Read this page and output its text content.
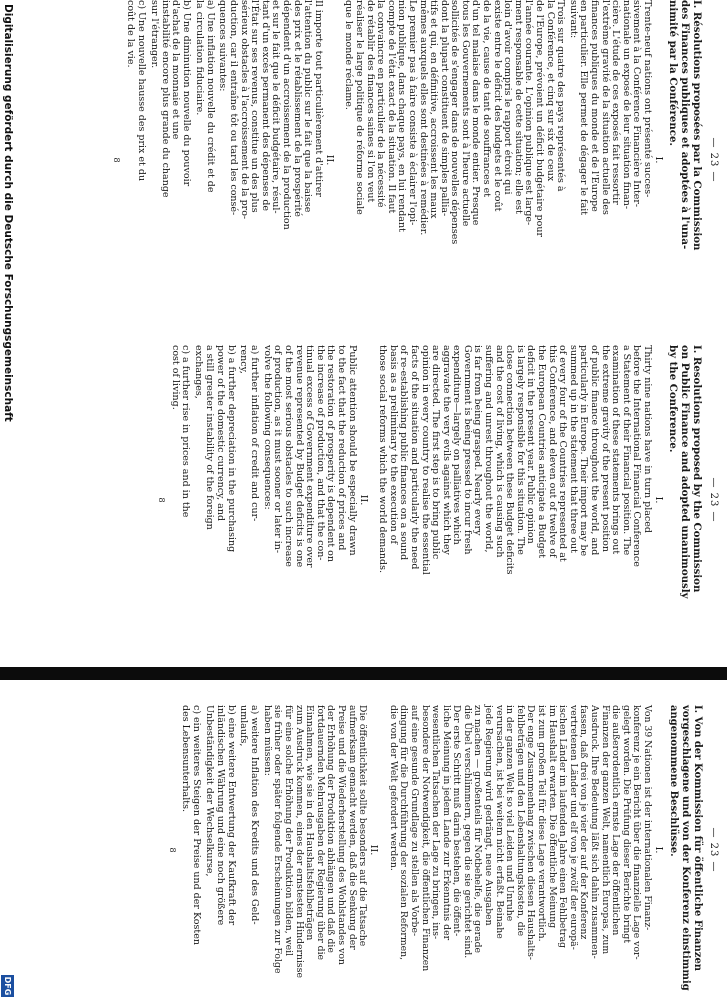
— 23 —
I. Résolutions proposées par la Commission
des Finances publiques et adoptées à l'una-
nimité par la Conférence.
I.
Trente-neuf nations ont présenté succes-
sivement à la Conférence Financière Inter-
nationale un exposé de leur situation finan-
cière. L'étude de ces exposés fait ressortir
l'extrême gravité de la situation actuelle des
finances publiques du monde et de l'Europe
en particulier. Elle permet de dégager le fait
suivant:
Trois sur quatre des pays représentés à
la Conférence, et cinq sur six de ceux
de l'Europe, prévoient un déficit budgétaire pour
l'année courante. L'opinion publique est large-
ment responsable de cette situation; elle est
loin d'avoir compris le rapport étroit qui
existe entre le déficit des budgets et le coût
de la vie, cause de tant de souffrances et
d'un tel malaise dans le monde entier. Presque
tous les Gouvernements sont à l'heure actuelle
sollicités de s'engager dans de nouvelles dépenses
dont la plupart constituent de simples pallia-
tifs et qui, en définitive, accroissent les maux
mêmes auxquels elles sont destinées à remédier.
Le premier pas à faire consiste à éclairer l'opi-
nion publique, dans chaque pays, en lui rendant
compte de l'état exact de la situation. Il faut
la convaincre en particulier de la nécessité
de rétablir des finances saines si l'on veut
réaliser le large politique de réforme sociale
que le monde réclame.
II.
Il importe tout particulièrement d'attirer
l'attention du public sur le fait que la baisse
des prix et le rétablissement de la prospérité
dépendent d'un accroissement de la production
et sur le fait que le déficit budgétaire, résul-
tant d'un excès permanent des dépenses de
l'État sur ses revenus, constitue un des plus
sérieux obstacles à l'accroissement de la pro-
duction, car il entraîne tôt ou tard les consé-
quences suivantes:
a) Une inflation nouvelle du crédit et de
la circulation fiduciaire.
b) Une diminution nouvelle du pouvoir
d'achat de la monnaie et une
instabilité encore plus grande du change
sur l'étranger.
c) Une nouvelle hausse des prix et du
coût de la vie.
8
— 23 —
I. Resolutions proposed by the Commission
on Public Finance and adopted unanimously
by the Conference.
I.
Thirty nine nations have in turn placed
before the International Financial Conference
a Statement of their Financial position. The
examination of these statements brings out
the extreme gravity of the present position
of public finance throughout the world, and
particularly in Europe. Their import may be
summed up in the statement that three out
of every four of the Countries represented at
this Conference, and eleven out of twelve of
the European Countries anticipate a Budget
deficit in the present year. Public opinion
is largely responsible for this situation. The
close connection between these Budget deficits
and the cost of living, which is causing such
suffering and unrest throughout the world,
is far from being grasped. Nearly every
Government is being pressed to incur fresh
expenditure—largely on palliatives which
aggravate the very evils against which they
are directed. The first step is to bring public
opinion in every country to realise the essential
facts of the situation and particularly the need
of re-establishing public finances on a sound
basis as a preliminary to the execution of
those social reforms which the world demands.
II.
Public attention should be especially drawn
to the fact that the reduction of prices and
the restoration of prosperity is dependent on
the increase of production, and that the con-
tinual excess of Government expenditure over
revenue represented by Budget deficits is one
of the most serious obstacles to such increase
of production, as it must sooner or later in-
volve the following consequences:
a) further inflation of credit and cur-
rency,
b) a further depreciation in the purchasing
power of the domestic currency, and
a still greater instability of the foreign
exchanges,
c) a further rise in prices and in the
cost of living.
8
— 23 —
I. Von der Kommission für öffentliche Finanzen
vorgeschlagene und von der Konferenz einstimmig
angenommene Beschlüsse.
I.
Von 39 Nationen ist der internationalen Finanz-
konferenz je ein Bericht über die finanzielle Lage vor-
gelegt worden. Die Prüfung dieser Berichte bringt
die außerordentlich ernste Lage der öffentlichen
Finanzen der ganzen Welt, namentlich Europas, zum
Ausdruck. Ihre Bedeutung läßt sich dahin zusammen-
fassen, daß drei von je vier der auf der Konferenz
vertretenen Länder und elf von je zwölf der europä-
ischen Länder im laufenden Jahre einen Fehlbetrag
im Haushalt erwarten. Die öffentliche Meinung
ist zum großen Teil für diese Lage verantwortlich.
Der enge Zusammenhang zwischen diesen Haushalts-
fehlbeträgen und den Lebenshaltungskosten, die
in der ganzen Welt so viel Leiden und Unruhe
verursachen, ist bei weitem nicht erfaßt. Beinahe
jede Regierung wird gedrängt, neue Ausgaben
zu machen — großenteils für Notbehelfe, die gerade
die Übel verschlimmern, gegen die sie gerichtet sind.
Der erste Schritt muß darin bestehen, die öffent-
liche Meinung in jedem Lande zur Erkenntnis der
wesentlichen Tatsachen der Lage zu bringen, ins-
besondere der Notwendigkeit, die öffentlichen Finanzen
auf eine gesunde Grundlage zu stellen als Vorbe-
dingung für die Durchführung der sozialen Reformen,
die von der Welt gefordert werden.
II.
Die öffentlichkeit sollte besonders auf die Tatsache
aufmerksam gemacht werden, daß die Senkung der
Preise und die Wiederherstellung des Wohlstandes von
der Erhöhung der Produktion abhängen und daß die
fortdauernden Mehrausgaben der Regierung über die
Einnahmen, wie sie in den Haushaltsfehlbeträgen
zum Ausdruck kommen, eines der ernstesten Hindernisse
für eine solche Erhöhung der Produktion bilden, weil
sie früher oder später folgende Erscheinungen zur Folge
haben müssen:
a) weitere Inflation des Kredits und des Geld-
umlaufs,
b) eine weitere Entwertung der Kaufkraft der
inländischen Währung und eine noch größere
Unbeständigkeit der Wechselkurse,
c) ein weiteres Steigen der Preise und der Kosten
des Lebensunterhalts.
8
Digitalisierung gefördert durch die Deutsche Forschungsgemeinschaft
DFG
